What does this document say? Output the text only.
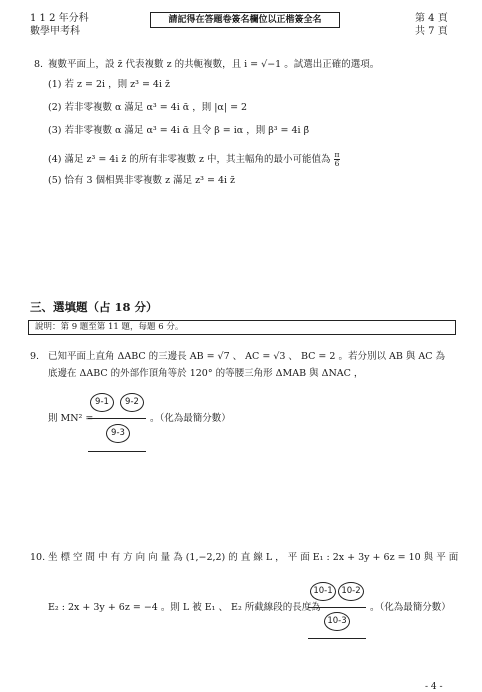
1 1 2 年分科
數學甲考科
請記得在答題卷簽名欄位以正楷簽全名	第 4 頁
共 7 頁
8. 複數平面上，設 z̄ 代表複數 z 的共軛複數，且 i = √−1 。試選出正確的選項。
(1) 若 z = 2i ，則 z³ = 4i z̄
(2) 若非零複數 α 滿足 α³ = 4i ᾱ ，則 |α| = 2
(3) 若非零複數 α 滿足 α³ = 4i ᾱ 且令 β = iα ，則 β³ = 4i β̄
(4) 滿足 z³ = 4i z̄ 的所有非零複數 z 中，其主幅角的最小可能值為 $\frac{\pi}{6}$
(5) 恰有 3 個相異非零複數 z 滿足 z³ = 4i z̄
三、選填題（占 18 分）
說明：第 9 題至第 11 題，每題 6 分。
9. 已知平面上直角 ΔABC 的三邊長 AB = √7 、 AC = √3 、 BC = 2 。若分別以 AB 與 AC 為
底邊在 ΔABC 的外部作頂角等於 120° 的等腰三角形 ΔMAB 與 ΔNAC ，
則 MN² =
9-1	9-2
9-3
。（化為最簡分數）
10. 坐 標 空 間 中 有 方 向 向 量 為 (1,−2,2) 的 直 線 L ， 平 面 E₁ : 2x + 3y + 6z = 10 與 平 面
E₂ : 2x + 3y + 6z = −4 。則 L 被 E₁ 、 E₂ 所截線段的長度為
10-1	10-2
10-3
。（化為最簡分數）
- 4 -
